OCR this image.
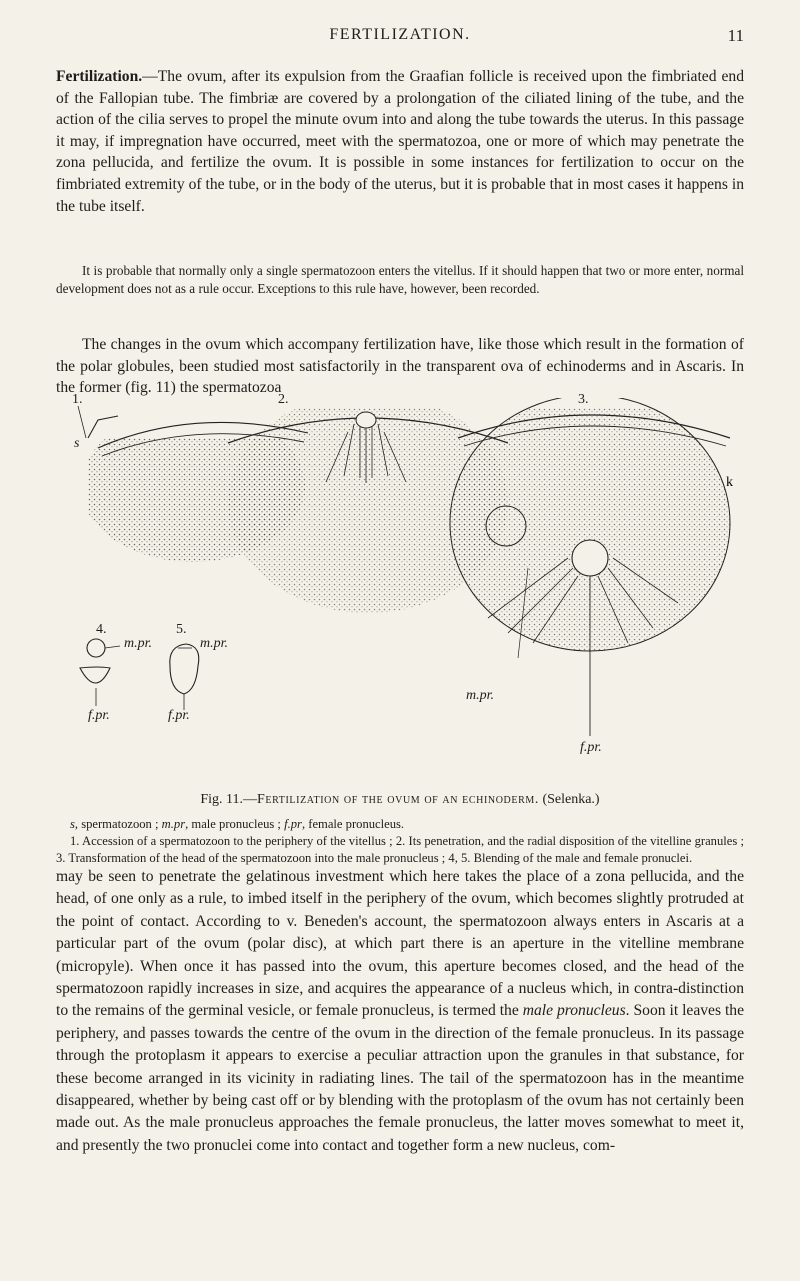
FERTILIZATION.	11

Fertilization.—The ovum, after its expulsion from the Graafian follicle is received upon the fimbriated end of the Fallopian tube. The fimbriæ are covered by a prolongation of the ciliated lining of the tube, and the action of the cilia serves to propel the minute ovum into and along the tube towards the uterus. In this passage it may, if impregnation have occurred, meet with the spermatozoa, one or more of which may penetrate the zona pellucida, and fertilize the ovum. It is possible in some instances for fertilization to occur on the fimbriated extremity of the tube, or in the body of the uterus, but it is probable that in most cases it happens in the tube itself.

It is probable that normally only a single spermatozoon enters the vitellus. If it should happen that two or more enter, normal development does not as a rule occur. Exceptions to this rule have, however, been recorded.

The changes in the ovum which accompany fertilization have, like those which result in the formation of the polar globules, been studied most satisfactorily in the transparent ova of echinoderms and in Ascaris. In the former (fig. 11) the spermatozoa

k
1.	2.	3.
s
4.
m.pr.
f.pr.
5.
m.pr.
f.pr.
m.pr.
f.pr.
Fig. 11.—Fertilization of the ovum of an echinoderm. (Selenka.)

s, spermatozoon ; m.pr, male pronucleus ; f.pr, female pronucleus.

1. Accession of a spermatozoon to the periphery of the vitellus ; 2. Its penetration, and the radial disposition of the vitelline granules ; 3. Transformation of the head of the spermatozoon into the male pronucleus ; 4, 5. Blending of the male and female pronuclei.

may be seen to penetrate the gelatinous investment which here takes the place of a zona pellucida, and the head, of one only as a rule, to imbed itself in the periphery of the ovum, which becomes slightly protruded at the point of contact. According to v. Beneden's account, the spermatozoon always enters in Ascaris at a particular part of the ovum (polar disc), at which part there is an aperture in the vitelline membrane (micropyle). When once it has passed into the ovum, this aperture becomes closed, and the head of the spermatozoon rapidly increases in size, and acquires the appearance of a nucleus which, in contra-distinction to the remains of the germinal vesicle, or female pronucleus, is termed the male pronucleus. Soon it leaves the periphery, and passes towards the centre of the ovum in the direction of the female pronucleus. In its passage through the protoplasm it appears to exercise a peculiar attraction upon the granules in that substance, for these become arranged in its vicinity in radiating lines. The tail of the spermatozoon has in the meantime disappeared, whether by being cast off or by blending with the protoplasm of the ovum has not certainly been made out. As the male pronucleus approaches the female pronucleus, the latter moves somewhat to meet it, and presently the two pronuclei come into contact and together form a new nucleus, com-
